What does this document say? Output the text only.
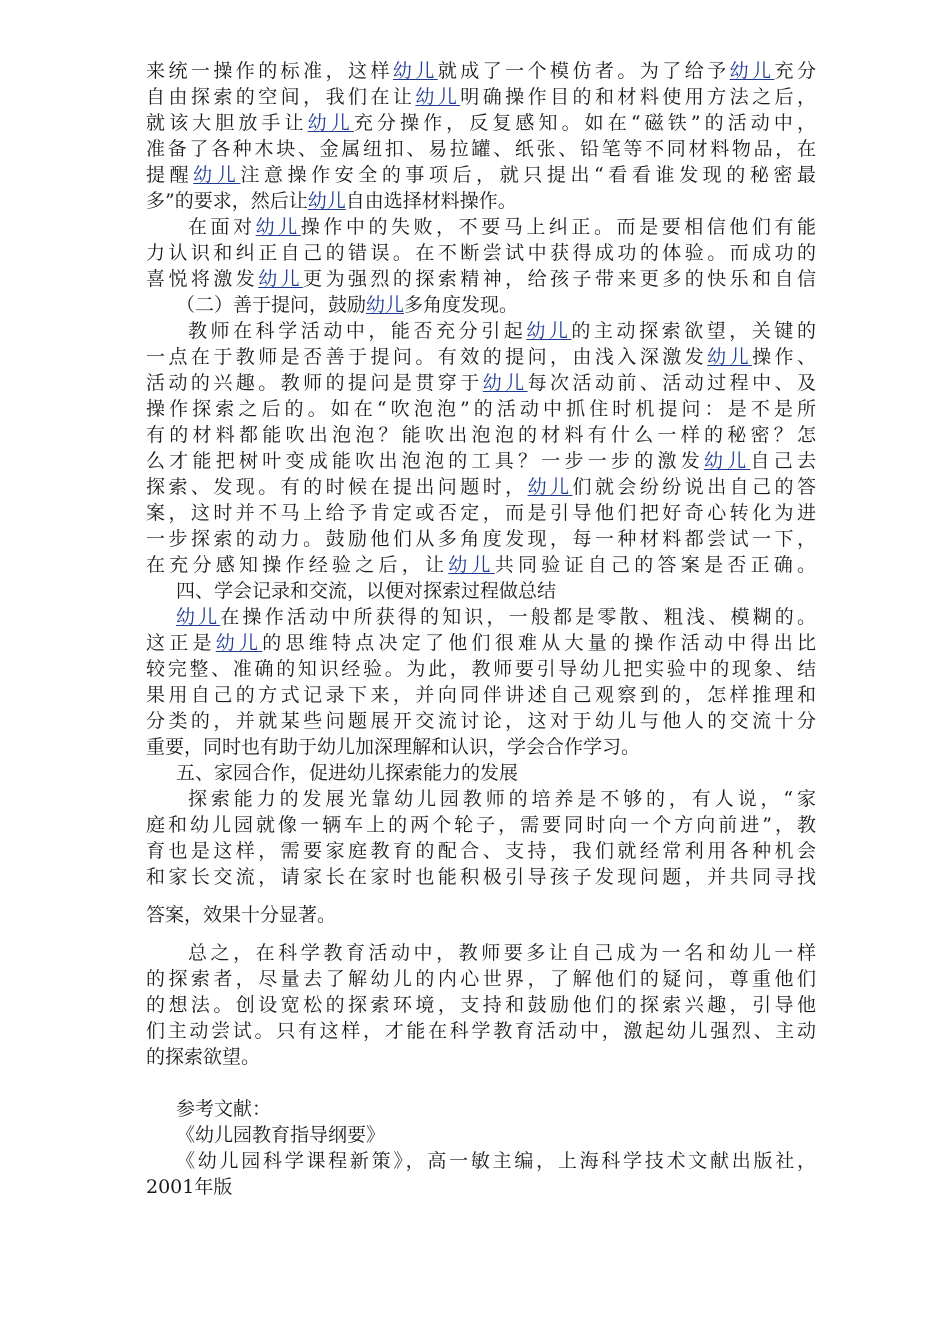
来统一操作的标准，这样幼儿就成了一个模仿者。为了给予幼儿充分
自由探索的空间，我们在让幼儿明确操作目的和材料使用方法之后，
就该大胆放手让幼儿充分操作，反复感知。如在“磁铁”的活动中，
准备了各种木块、金属纽扣、易拉罐、纸张、铅笔等不同材料物品，在
提醒幼儿注意操作安全的事项后，就只提出“看看谁发现的秘密最
多”的要求，然后让幼儿自由选择材料操作。
在面对幼儿操作中的失败，不要马上纠正。而是要相信他们有能
力认识和纠正自己的错误。在不断尝试中获得成功的体验。而成功的
喜悦将激发幼儿更为强烈的探索精神，给孩子带来更多的快乐和自信
（二）善于提问，鼓励幼儿多角度发现。
教师在科学活动中，能否充分引起幼儿的主动探索欲望，关键的
一点在于教师是否善于提问。有效的提问，由浅入深激发幼儿操作、
活动的兴趣。教师的提问是贯穿于幼儿每次活动前、活动过程中、及
操作探索之后的。如在“吹泡泡”的活动中抓住时机提问：是不是所
有的材料都能吹出泡泡？能吹出泡泡的材料有什么一样的秘密？怎
么才能把树叶变成能吹出泡泡的工具？一步一步的激发幼儿自己去
探索、发现。有的时候在提出问题时，幼儿们就会纷纷说出自己的答
案，这时并不马上给予肯定或否定，而是引导他们把好奇心转化为进
一步探索的动力。鼓励他们从多角度发现，每一种材料都尝试一下，
在充分感知操作经验之后，让幼儿共同验证自己的答案是否正确。
四、学会记录和交流，以便对探索过程做总结
幼儿在操作活动中所获得的知识，一般都是零散、粗浅、模糊的。
这正是幼儿的思维特点决定了他们很难从大量的操作活动中得出比
较完整、准确的知识经验。为此，教师要引导幼儿把实验中的现象、结
果用自己的方式记录下来，并向同伴讲述自己观察到的，怎样推理和
分类的，并就某些问题展开交流讨论，这对于幼儿与他人的交流十分
重要，同时也有助于幼儿加深理解和认识，学会合作学习。
五、家园合作，促进幼儿探索能力的发展
探索能力的发展光靠幼儿园教师的培养是不够的，有人说，“家
庭和幼儿园就像一辆车上的两个轮子，需要同时向一个方向前进”，教
育也是这样，需要家庭教育的配合、支持，我们就经常利用各种机会
和家长交流，请家长在家时也能积极引导孩子发现问题，并共同寻找
答案，效果十分显著。
总之，在科学教育活动中，教师要多让自己成为一名和幼儿一样
的探索者，尽量去了解幼儿的内心世界，了解他们的疑问，尊重他们
的想法。创设宽松的探索环境，支持和鼓励他们的探索兴趣，引导他
们主动尝试。只有这样，才能在科学教育活动中，激起幼儿强烈、主动
的探索欲望。
参考文献：
《幼儿园教育指导纲要》
《幼儿园科学课程新策》，高一敏主编，上海科学技术文献出版社，
2001年版
